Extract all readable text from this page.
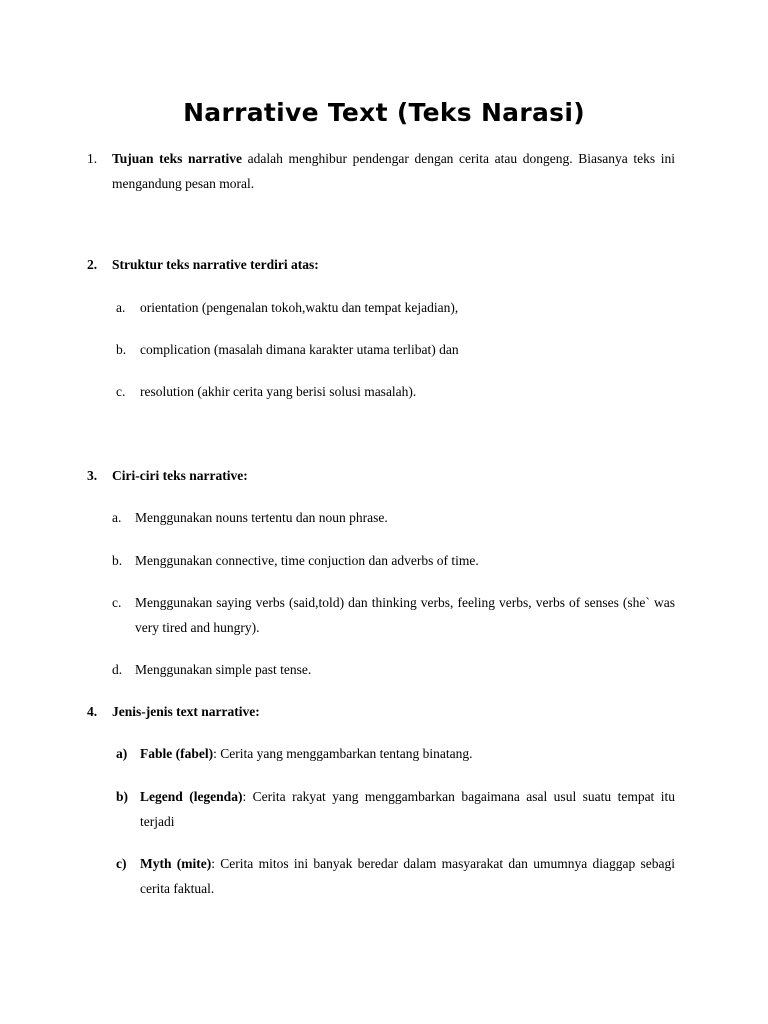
Narrative Text (Teks Narasi)
1. Tujuan teks narrative adalah menghibur pendengar dengan cerita atau dongeng. Biasanya teks ini mengandung pesan moral.
2. Struktur teks narrative terdiri atas:
a. orientation (pengenalan tokoh,waktu dan tempat kejadian),
b. complication (masalah dimana karakter utama terlibat) dan
c. resolution (akhir cerita yang berisi solusi masalah).
3. Ciri-ciri teks narrative:
a. Menggunakan nouns tertentu dan noun phrase.
b. Menggunakan connective, time conjuction dan adverbs of time.
c. Menggunakan saying verbs (said,told) dan thinking verbs, feeling verbs, verbs of senses (she` was very tired and hungry).
d. Menggunakan simple past tense.
4. Jenis-jenis text narrative:
a) Fable (fabel): Cerita yang menggambarkan tentang binatang.
b) Legend (legenda): Cerita rakyat yang menggambarkan bagaimana asal usul suatu tempat itu terjadi
c) Myth (mite): Cerita mitos ini banyak beredar dalam masyarakat dan umumnya diaggap sebagi cerita faktual.
